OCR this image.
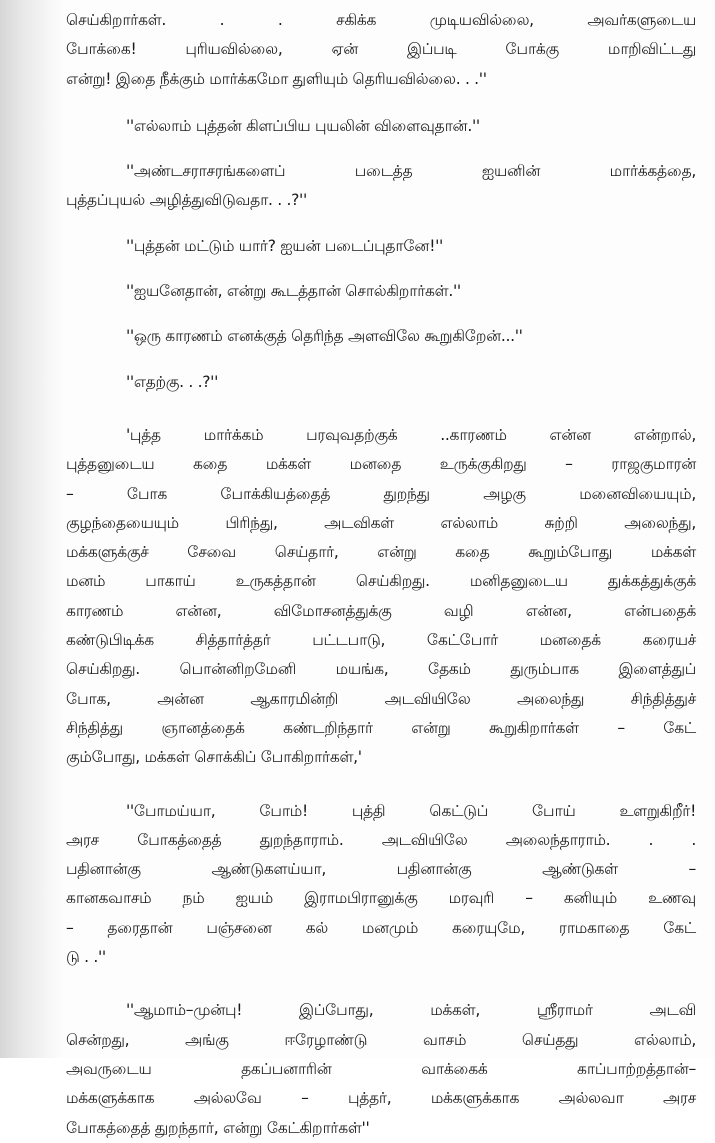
செய்கிறார்கள். . . சகிக்க முடியவில்லை, அவர்களுடைய
போக்கை! புரியவில்லை, ஏன் இப்படி போக்கு மாறிவிட்டது
என்று! இதை நீக்கும் மார்க்கமோ துளியும் தெரியவில்லை. . .''
''எல்லாம் புத்தன் கிளப்பிய புயலின் விளைவுதான்.''
''அண்டசராசரங்களைப் படைத்த ஐயனின் மார்க்கத்தை,
புத்தப்புயல் அழித்துவிடுவதா. . .?''
''புத்தன் மட்டும் யார்? ஐயன் படைப்புதானே!''
''ஐயனேதான், என்று கூடத்தான் சொல்கிறார்கள்.''
''ஒரு காரணம் எனக்குத் தெரிந்த அளவிலே கூறுகிறேன்...''
''எதற்கு. . .?''
'புத்த மார்க்கம் பரவுவதற்குக் ..காரணம் என்ன என்றால்,
புத்தனுடைய கதை மக்கள் மனதை உருக்குகிறது – ராஜகுமாரன்
– போக போக்கியத்தைத் துறந்து அழகு மனைவியையும்,
குழந்தையையும் பிரிந்து, அடவிகள் எல்லாம் சுற்றி அலைந்து,
மக்களுக்குச் சேவை செய்தார், என்று கதை கூறும்போது மக்கள்
மனம் பாகாய் உருகத்தான் செய்கிறது. மனிதனுடைய துக்கத்துக்குக்
காரணம் என்ன, விமோசனத்துக்கு வழி என்ன, என்பதைக்
கண்டுபிடிக்க சித்தார்த்தர் பட்டபாடு, கேட்போர் மனதைக் கரையச்
செய்கிறது. பொன்னிறமேனி மயங்க, தேகம் துரும்பாக இளைத்துப்
போக, அன்ன ஆகாரமின்றி அடவியிலே அலைந்து சிந்தித்துச்
சிந்தித்து ஞானத்தைக் கண்டறிந்தார் என்று கூறுகிறார்கள் – கேட்
கும்போது, மக்கள் சொக்கிப் போகிறார்கள்,'
''போமய்யா, போம்! புத்தி கெட்டுப் போய் உளறுகிறீர்!
அரச போகத்தைத் துறந்தாராம். அடவியிலே அலைந்தாராம். . .
பதினான்கு ஆண்டுகளய்யா, பதினான்கு ஆண்டுகள் –
கானகவாசம் நம் ஐயம் இராமபிரானுக்கு மரவுரி – கனியும் உணவு
– தரைதான் பஞ்சனை கல் மனமும் கரையுமே, ராமகாதை கேட்
டு . .''
''ஆமாம்–முன்பு! இப்போது, மக்கள், ஸ்ரீராமர் அடவி
சென்றது, அங்கு ஈரேழாண்டு வாசம் செய்தது எல்லாம்,
அவருடைய தகப்பனாரின் வாக்கைக் காப்பாற்றத்தான்–
மக்களுக்காக அல்லவே – புத்தர், மக்களுக்காக அல்லவா அரச
போகத்தைத் துறந்தார், என்று கேட்கிறார்கள்''
